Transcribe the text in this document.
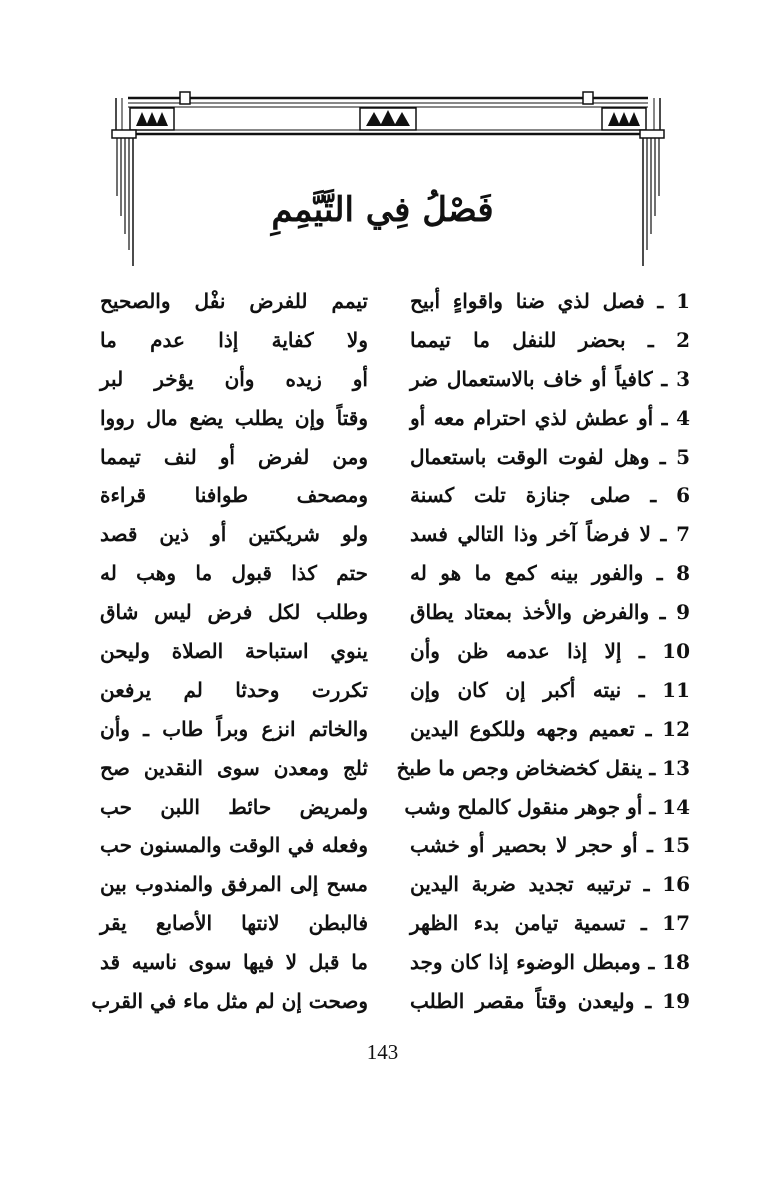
فَصْلُ فِي التَّيَّمِمِ
1 ـ فصل لذي ضنا واقواءٍ أبيح
تيمم للفرض نفْل والصحيح
2 ـ بحضر للنفل ما تيمما
ولا كفاية إذا عدم ما
3 ـ كافياً أو خاف بالاستعمال ضر
أو زيده وأن يؤخر لبر
4 ـ أو عطش لذي احترام معه أو
وقتاً وإن يطلب يضع مال رووا
5 ـ وهل لفوت الوقت باستعمال
ومن لفرض أو لنف تيمما
6 ـ صلى جنازة تلت كسنة
ومصحف طوافنا قراءة
7 ـ لا فرضاً آخر وذا التالي فسد
ولو شريكتين أو ذين قصد
8 ـ والفور بينه كمع ما هو له
حتم كذا قبول ما وهب له
9 ـ والفرض والأخذ بمعتاد يطاق
وطلب لكل فرض ليس شاق
10 ـ إلا إذا عدمه ظن وأن
ينوي استباحة الصلاة وليحن
11 ـ نيته أكبر إن كان وإن
تكررت وحدثا لم يرفعن
12 ـ تعميم وجهه وللكوع اليدين
والخاتم انزع وبراً طاب ـ وأن
13 ـ ينقل كخضخاض وجص ما طبخ
ثلج ومعدن سوى النقدين صح
14 ـ أو جوهر منقول كالملح وشب
ولمريض حائط اللبن حب
15 ـ أو حجر لا بحصير أو خشب
وفعله في الوقت والمسنون حب
16 ـ ترتيبه تجديد ضربة اليدين
مسح إلى المرفق والمندوب بين
17 ـ تسمية تيامن بدء الظهر
فالبطن لانتها الأصابع يقر
18 ـ ومبطل الوضوء إذا كان وجد
ما قبل لا فيها سوى ناسيه قد
19 ـ وليعدن وقتاً مقصر الطلب
وصحت إن لم مثل ماء في القرب
143
